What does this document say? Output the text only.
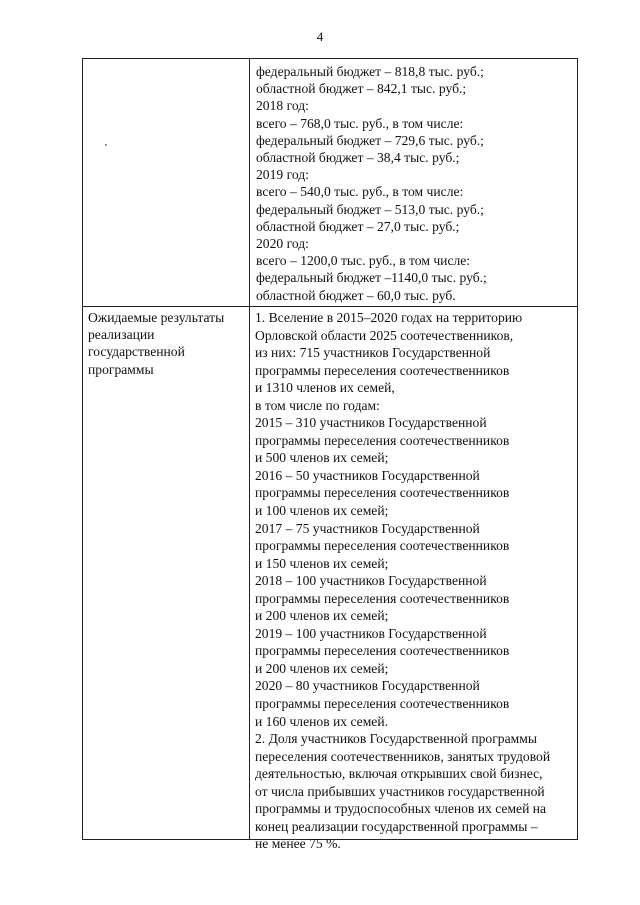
4
федеральный бюджет – 818,8 тыс. руб.;
областной бюджет – 842,1 тыс. руб.;
2018 год:
всего – 768,0 тыс. руб., в том числе:
федеральный бюджет – 729,6 тыс. руб.;
областной бюджет – 38,4 тыс. руб.;
2019 год:
всего – 540,0 тыс. руб., в том числе:
федеральный бюджет – 513,0 тыс. руб.;
областной бюджет – 27,0 тыс. руб.;
2020 год:
всего – 1200,0 тыс. руб., в том числе:
федеральный бюджет –1140,0 тыс. руб.;
областной бюджет – 60,0 тыс. руб.
Ожидаемые результаты
реализации
государственной
программы
1. Вселение в 2015–2020 годах на территорию
Орловской области 2025 соотечественников,
из них: 715 участников Государственной
программы переселения соотечественников
и 1310 членов их семей,
в том числе по годам:
2015 – 310 участников Государственной
программы переселения соотечественников
и 500 членов их семей;
2016 – 50 участников Государственной
программы переселения соотечественников
и 100 членов их семей;
2017 – 75 участников Государственной
программы переселения соотечественников
и 150 членов их семей;
2018 – 100 участников Государственной
программы переселения соотечественников
и 200 членов их семей;
2019 – 100 участников Государственной
программы переселения соотечественников
и 200 членов их семей;
2020 – 80 участников Государственной
программы переселения соотечественников
и 160 членов их семей.
2. Доля участников Государственной программы
переселения соотечественников, занятых трудовой
деятельностью, включая открывших свой бизнес,
от числа прибывших участников государственной
программы и трудоспособных членов их семей на
конец реализации государственной программы –
не менее 75 %.
